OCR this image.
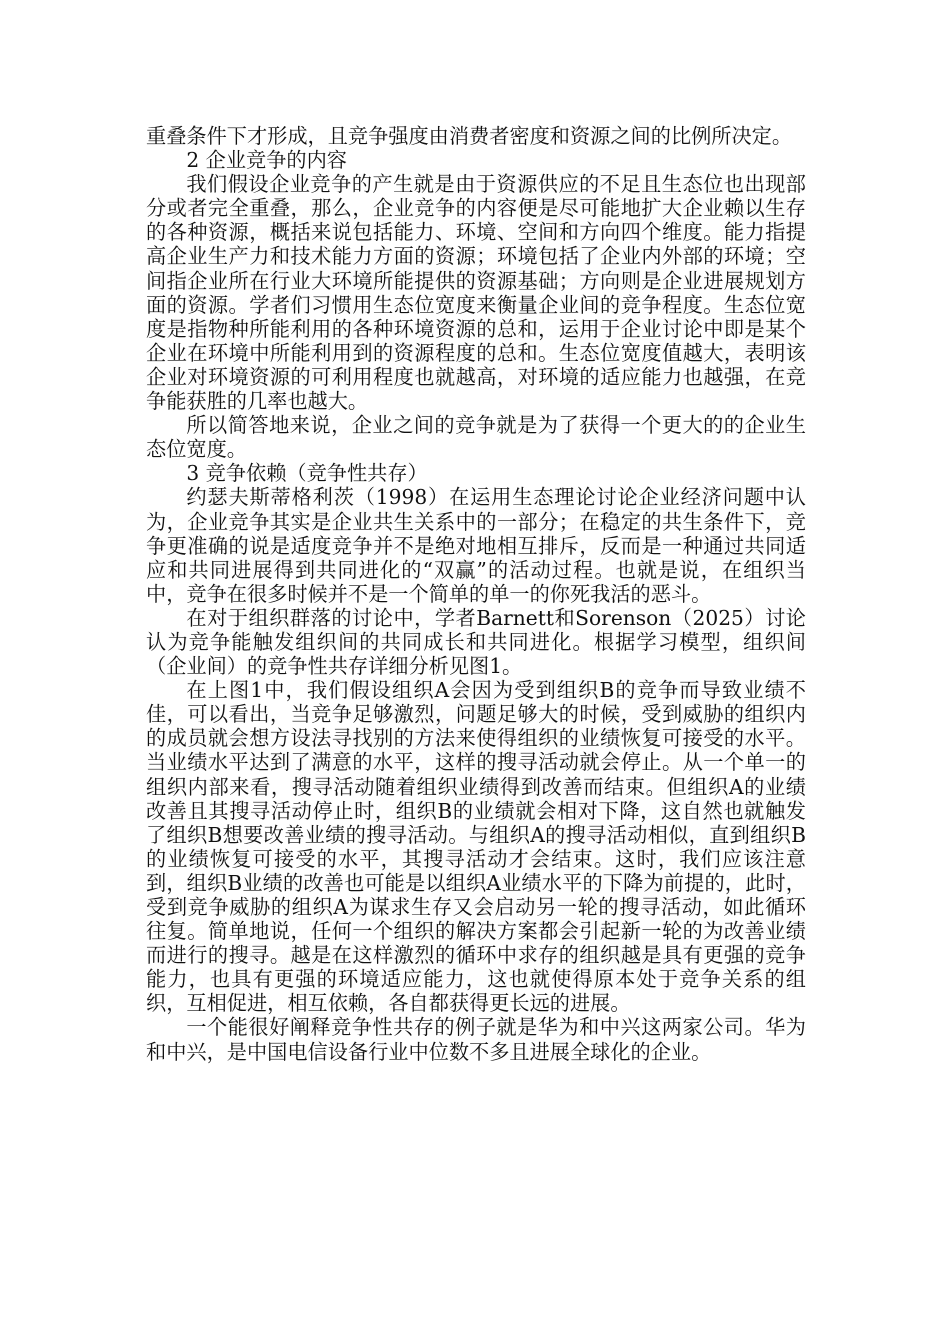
重叠条件下才形成，且竞争强度由消费者密度和资源之间的比例所决定。

2 企业竞争的内容

我们假设企业竞争的产生就是由于资源供应的不足且生态位也出现部分或者完全重叠，那么，企业竞争的内容便是尽可能地扩大企业赖以生存的各种资源，概括来说包括能力、环境、空间和方向四个维度。能力指提高企业生产力和技术能力方面的资源；环境包括了企业内外部的环境；空间指企业所在行业大环境所能提供的资源基础；方向则是企业进展规划方面的资源。学者们习惯用生态位宽度来衡量企业间的竞争程度。生态位宽度是指物种所能利用的各种环境资源的总和，运用于企业讨论中即是某个企业在环境中所能利用到的资源程度的总和。生态位宽度值越大，表明该企业对环境资源的可利用程度也就越高，对环境的适应能力也越强，在竞争能获胜的几率也越大。

所以简答地来说，企业之间的竞争就是为了获得一个更大的的企业生态位宽度。

3 竞争依赖（竞争性共存）

约瑟夫斯蒂格利茨（1998）在运用生态理论讨论企业经济问题中认为，企业竞争其实是企业共生关系中的一部分；在稳定的共生条件下，竞争更准确的说是适度竞争并不是绝对地相互排斥，反而是一种通过共同适应和共同进展得到共同进化的“双赢”的活动过程。也就是说，在组织当中，竞争在很多时候并不是一个简单的单一的你死我活的恶斗。

在对于组织群落的讨论中，学者Barnett和Sorenson（2025）讨论认为竞争能触发组织间的共同成长和共同进化。根据学习模型，组织间（企业间）的竞争性共存详细分析见图1。

在上图1中，我们假设组织A会因为受到组织B的竞争而导致业绩不佳，可以看出，当竞争足够激烈，问题足够大的时候，受到威胁的组织内的成员就会想方设法寻找别的方法来使得组织的业绩恢复可接受的水平。当业绩水平达到了满意的水平，这样的搜寻活动就会停止。从一个单一的组织内部来看，搜寻活动随着组织业绩得到改善而结束。但组织A的业绩改善且其搜寻活动停止时，组织B的业绩就会相对下降，这自然也就触发了组织B想要改善业绩的搜寻活动。与组织A的搜寻活动相似，直到组织B的业绩恢复可接受的水平，其搜寻活动才会结束。这时，我们应该注意到，组织B业绩的改善也可能是以组织A业绩水平的下降为前提的，此时，受到竞争威胁的组织A为谋求生存又会启动另一轮的搜寻活动，如此循环往复。简单地说，任何一个组织的解决方案都会引起新一轮的为改善业绩而进行的搜寻。越是在这样激烈的循环中求存的组织越是具有更强的竞争能力，也具有更强的环境适应能力，这也就使得原本处于竞争关系的组织，互相促进，相互依赖，各自都获得更长远的进展。

一个能很好阐释竞争性共存的例子就是华为和中兴这两家公司。华为和中兴，是中国电信设备行业中位数不多且进展全球化的企业。
